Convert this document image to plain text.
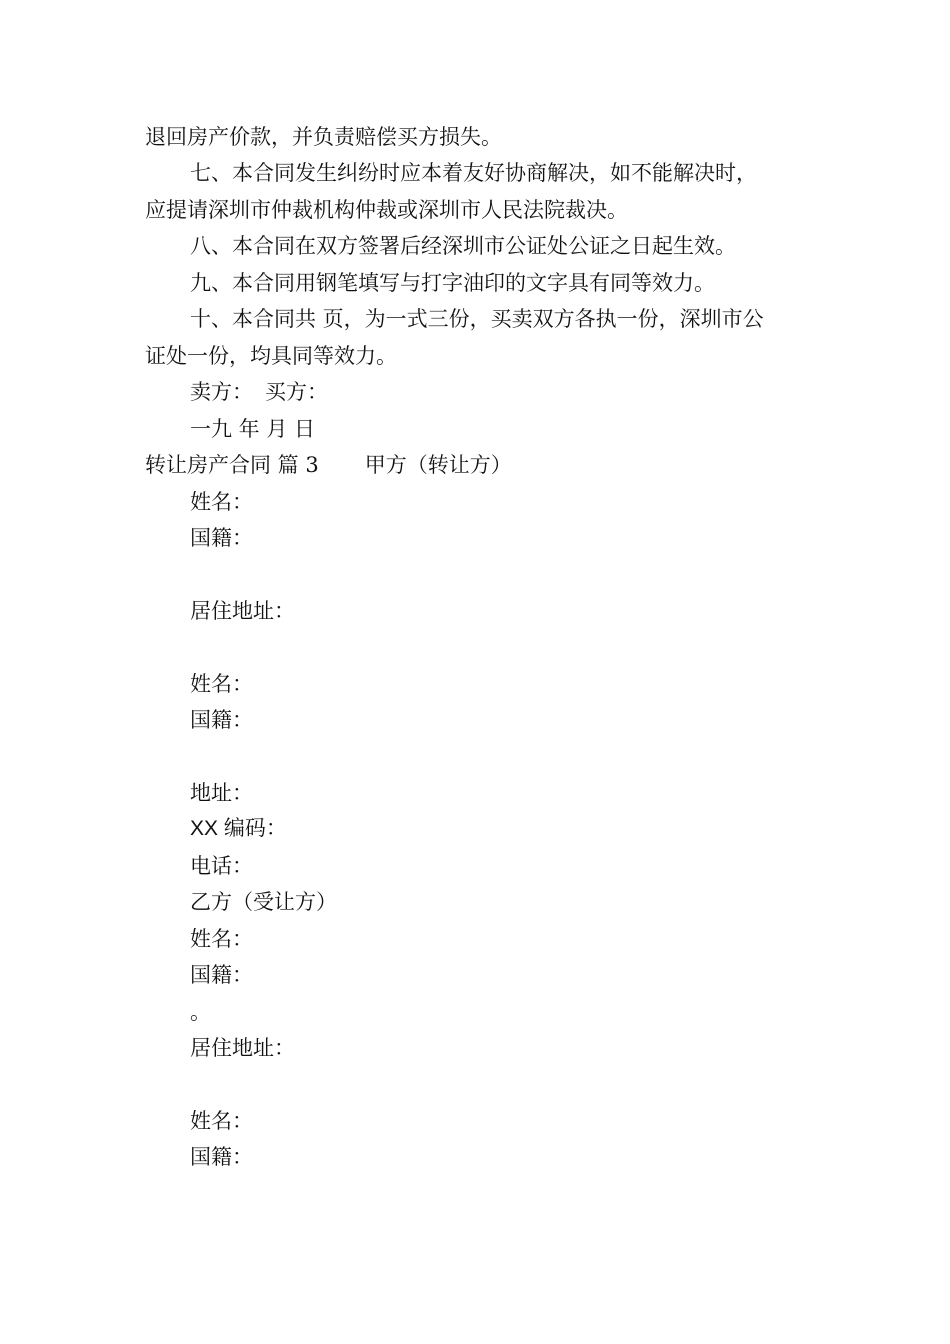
退回房产价款，并负责赔偿买方损失。
七、本合同发生纠纷时应本着友好协商解决，如不能解决时，
应提请深圳市仲裁机构仲裁或深圳市人民法院裁决。
八、本合同在双方签署后经深圳市公证处公证之日起生效。
九、本合同用钢笔填写与打字油印的文字具有同等效力。
十、本合同共 页，为一式三份，买卖双方各执一份，深圳市公
证处一份，均具同等效力。
卖方： 买方：
一九 年 月 日
转让房产合同 篇 3 甲方（转让方）
姓名：
国籍：
居住地址：
姓名：
国籍：
地址：
XX 编码：
电话：
乙方（受让方）
姓名：
国籍：
。
居住地址：
姓名：
国籍：
